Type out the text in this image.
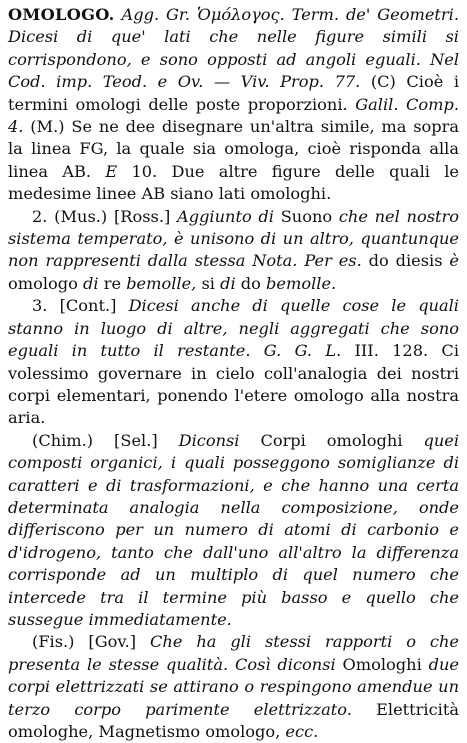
OMOLOGO. Agg. Gr. Ὁμόλογος. Term. de' Geometri. Dicesi di que' lati che nelle figure simili si corrispondono, e sono opposti ad angoli eguali. Nel Cod. imp. Teod. e Ov. — Viv. Prop. 77. (C) Cioè i termini omologi delle poste proporzioni. Galil. Comp. 4. (M.) Se ne dee disegnare un'altra simile, ma sopra la linea FG, la quale sia omologa, cioè risponda alla linea AB. E 10. Due altre figure delle quali le medesime linee AB siano lati omologhi.

2. (Mus.) [Ross.] Aggiunto di Suono che nel nostro sistema temperato, è unisono di un altro, quantunque non rappresenti dalla stessa Nota. Per es. do diesis è omologo di re bemolle, si di do bemolle.

3. [Cont.] Dicesi anche di quelle cose le quali stanno in luogo di altre, negli aggregati che sono eguali in tutto il restante. G. G. L. III. 128. Ci volessimo governare in cielo coll'analogia dei nostri corpi elementari, ponendo l'etere omologo alla nostra aria.

(Chim.) [Sel.] Diconsi Corpi omologhi quei composti organici, i quali posseggono somiglianze di caratteri e di trasformazioni, e che hanno una certa determinata analogia nella composizione, onde differiscono per un numero di atomi di carbonio e d'idrogeno, tanto che dall'uno all'altro la differenza corrisponde ad un multiplo di quel numero che intercede tra il termine più basso e quello che sussegue immediatamente.

(Fis.) [Gov.] Che ha gli stessi rapporti o che presenta le stesse qualità. Così diconsi Omologhi due corpi elettrizzati se attirano o respingono amendue un terzo corpo parimente elettrizzato. Elettricità omologhe, Magnetismo omologo, ecc.
